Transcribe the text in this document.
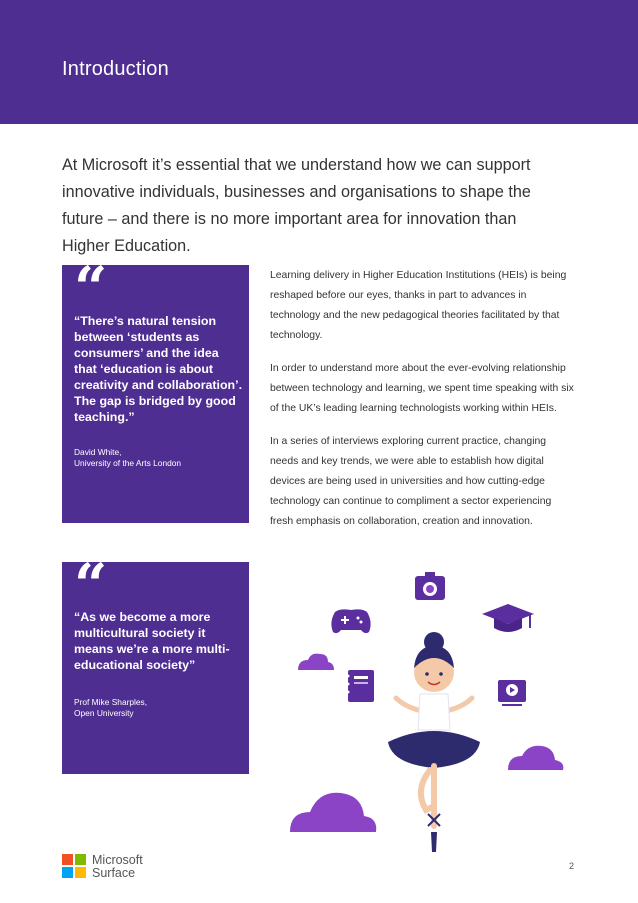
Introduction
At Microsoft it’s essential that we understand how we can support innovative individuals, businesses and organisations to shape the future – and there is no more important area for innovation than Higher Education.
“
“There’s natural tension between ‘students as consumers’ and the idea that ‘education is about creativity and collaboration’. The gap is bridged by good teaching.”
David White,
University of the Arts London
”
“
“As we become a more multicultural society it means we’re a more multi-educational society”
Prof Mike Sharples,
Open University
”

Learning delivery in Higher Education Institutions (HEIs) is being reshaped before our eyes, thanks in part to advances in technology and the new pedagogical theories facilitated by that technology.

In order to understand more about the ever-evolving relationship between technology and learning, we spent time speaking with six of the UK’s leading learning technologists working within HEIs.

In a series of interviews exploring current practice, changing needs and key trends, we were able to establish how digital devices are being used in universities and how cutting-edge technology can continue to compliment a sector experiencing fresh emphasis on collaboration, creation and innovation.

Microsoft
Surface	2
